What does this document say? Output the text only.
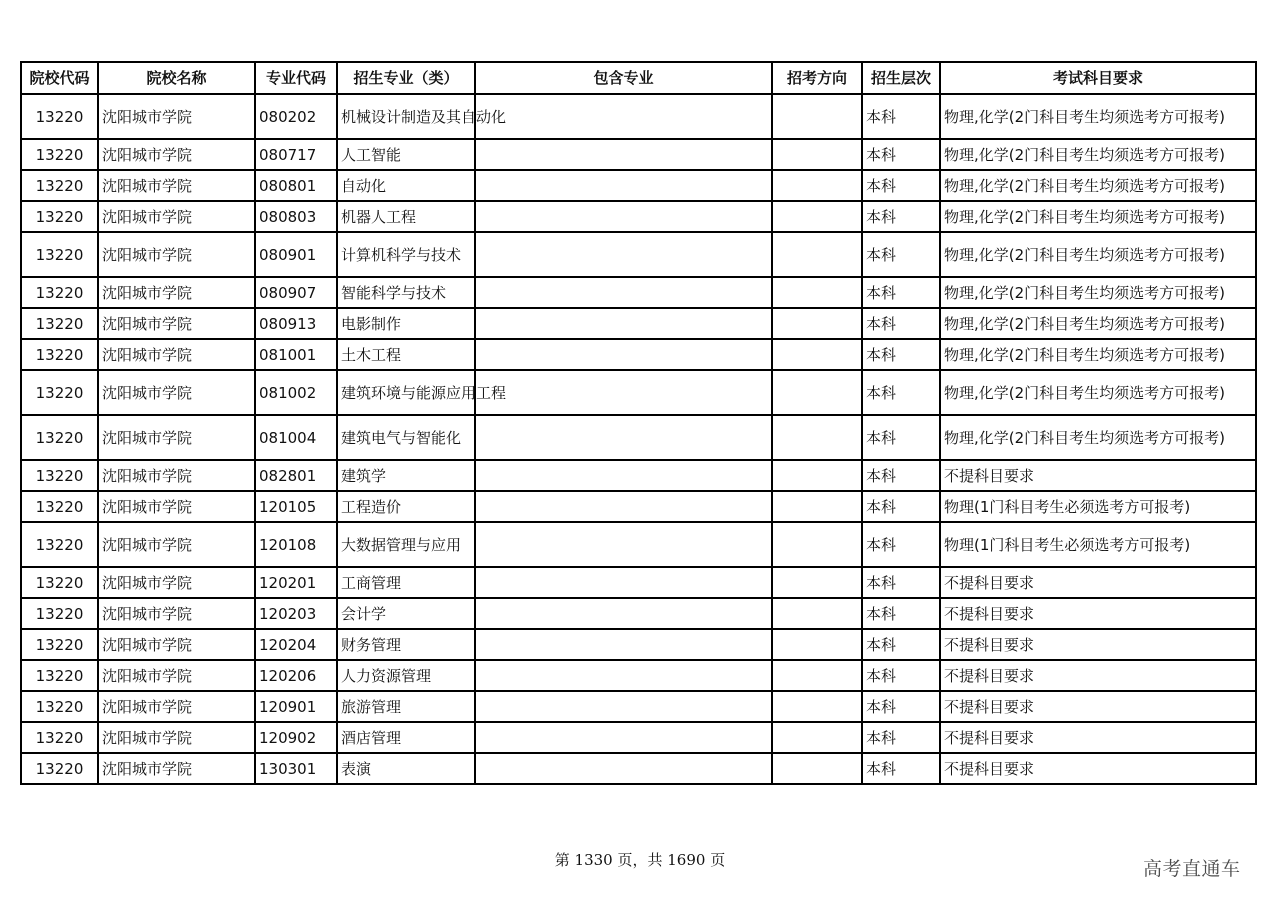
院校代码	院校名称	专业代码	招生专业（类）	包含专业	招考方向	招生层次	考试科目要求
13220	沈阳城市学院	080202	机械设计制造及其自动化			本科	物理,化学(2门科目考生均须选考方可报考)
13220	沈阳城市学院	080717	人工智能			本科	物理,化学(2门科目考生均须选考方可报考)
13220	沈阳城市学院	080801	自动化			本科	物理,化学(2门科目考生均须选考方可报考)
13220	沈阳城市学院	080803	机器人工程			本科	物理,化学(2门科目考生均须选考方可报考)
13220	沈阳城市学院	080901	计算机科学与技术			本科	物理,化学(2门科目考生均须选考方可报考)
13220	沈阳城市学院	080907	智能科学与技术			本科	物理,化学(2门科目考生均须选考方可报考)
13220	沈阳城市学院	080913	电影制作			本科	物理,化学(2门科目考生均须选考方可报考)
13220	沈阳城市学院	081001	土木工程			本科	物理,化学(2门科目考生均须选考方可报考)
13220	沈阳城市学院	081002	建筑环境与能源应用工程			本科	物理,化学(2门科目考生均须选考方可报考)
13220	沈阳城市学院	081004	建筑电气与智能化			本科	物理,化学(2门科目考生均须选考方可报考)
13220	沈阳城市学院	082801	建筑学			本科	不提科目要求
13220	沈阳城市学院	120105	工程造价			本科	物理(1门科目考生必须选考方可报考)
13220	沈阳城市学院	120108	大数据管理与应用			本科	物理(1门科目考生必须选考方可报考)
13220	沈阳城市学院	120201	工商管理			本科	不提科目要求
13220	沈阳城市学院	120203	会计学			本科	不提科目要求
13220	沈阳城市学院	120204	财务管理			本科	不提科目要求
13220	沈阳城市学院	120206	人力资源管理			本科	不提科目要求
13220	沈阳城市学院	120901	旅游管理			本科	不提科目要求
13220	沈阳城市学院	120902	酒店管理			本科	不提科目要求
13220	沈阳城市学院	130301	表演			本科	不提科目要求
第 1330 页，共 1690 页	高考直通车
